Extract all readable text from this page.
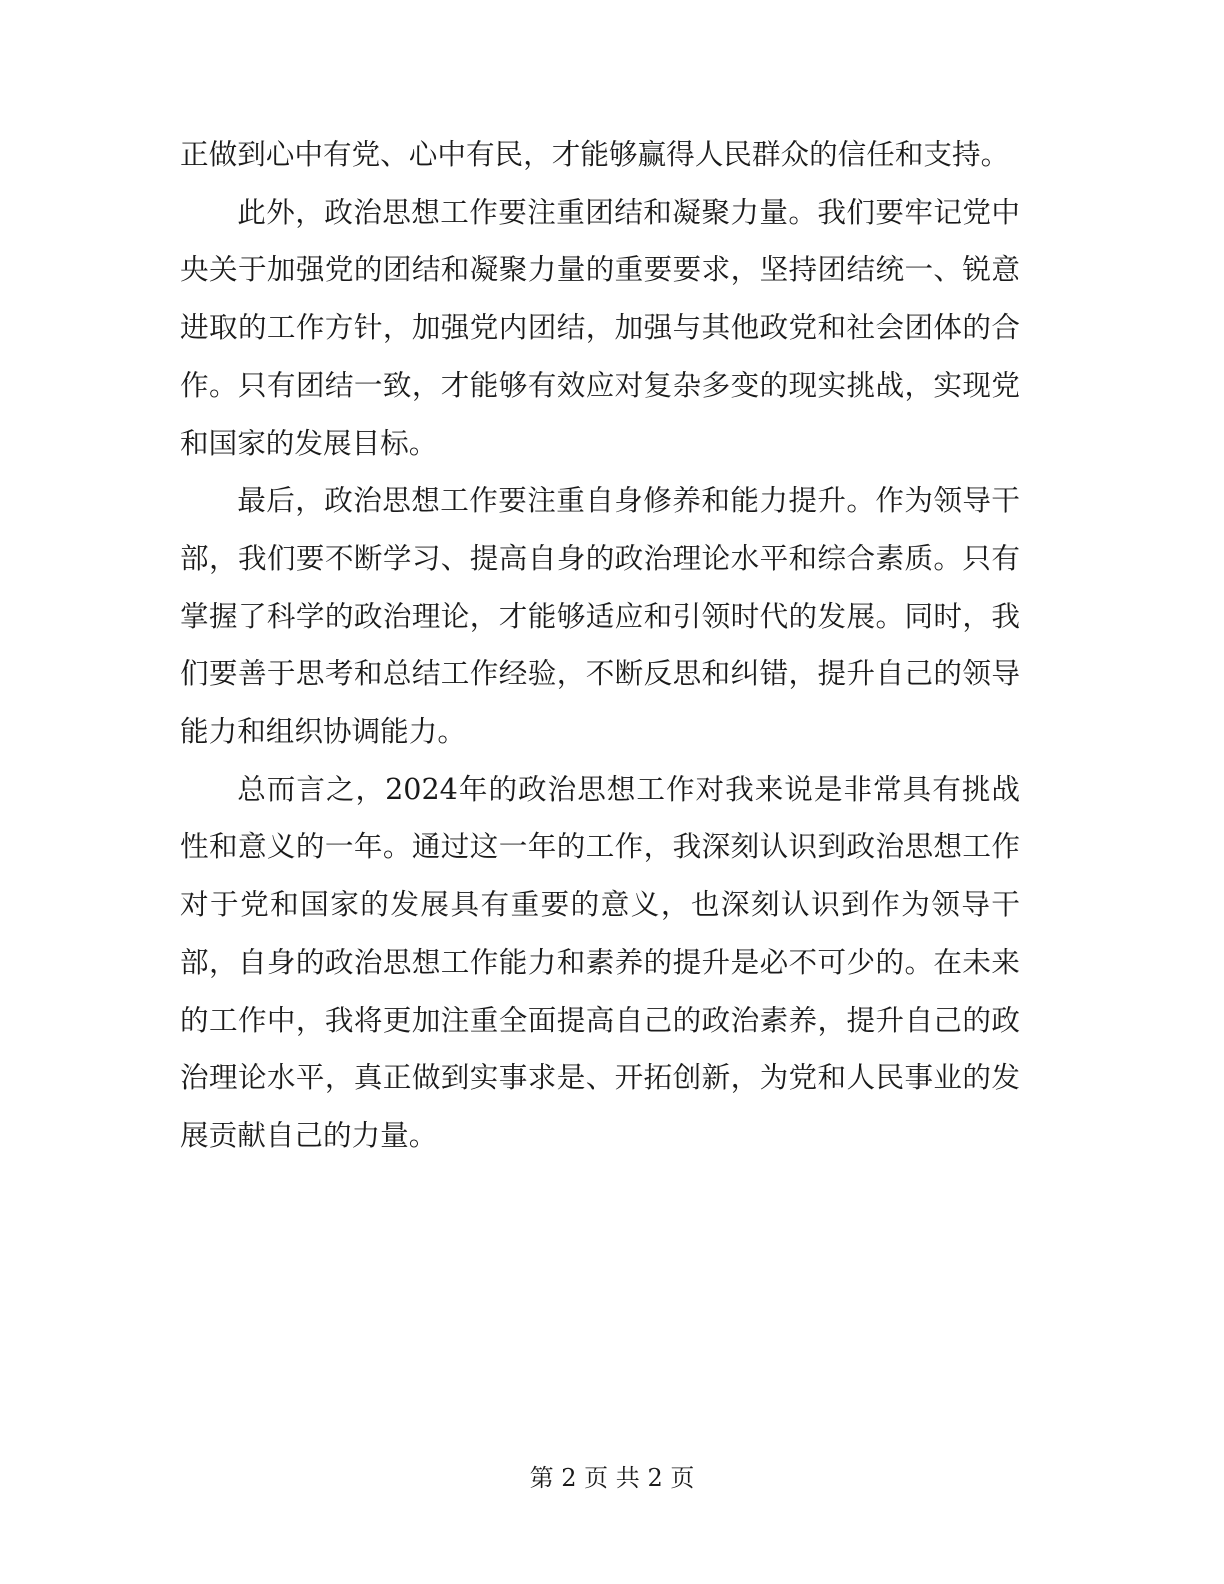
正做到心中有党、心中有民，才能够赢得人民群众的信任和支持。

此外，政治思想工作要注重团结和凝聚力量。我们要牢记党中央关于加强党的团结和凝聚力量的重要要求，坚持团结统一、锐意进取的工作方针，加强党内团结，加强与其他政党和社会团体的合作。只有团结一致，才能够有效应对复杂多变的现实挑战，实现党和国家的发展目标。

最后，政治思想工作要注重自身修养和能力提升。作为领导干部，我们要不断学习、提高自身的政治理论水平和综合素质。只有掌握了科学的政治理论，才能够适应和引领时代的发展。同时，我们要善于思考和总结工作经验，不断反思和纠错，提升自己的领导能力和组织协调能力。

总而言之，2024年的政治思想工作对我来说是非常具有挑战性和意义的一年。通过这一年的工作，我深刻认识到政治思想工作对于党和国家的发展具有重要的意义，也深刻认识到作为领导干部，自身的政治思想工作能力和素养的提升是必不可少的。在未来的工作中，我将更加注重全面提高自己的政治素养，提升自己的政治理论水平，真正做到实事求是、开拓创新，为党和人民事业的发展贡献自己的力量。

第 2 页 共 2 页
